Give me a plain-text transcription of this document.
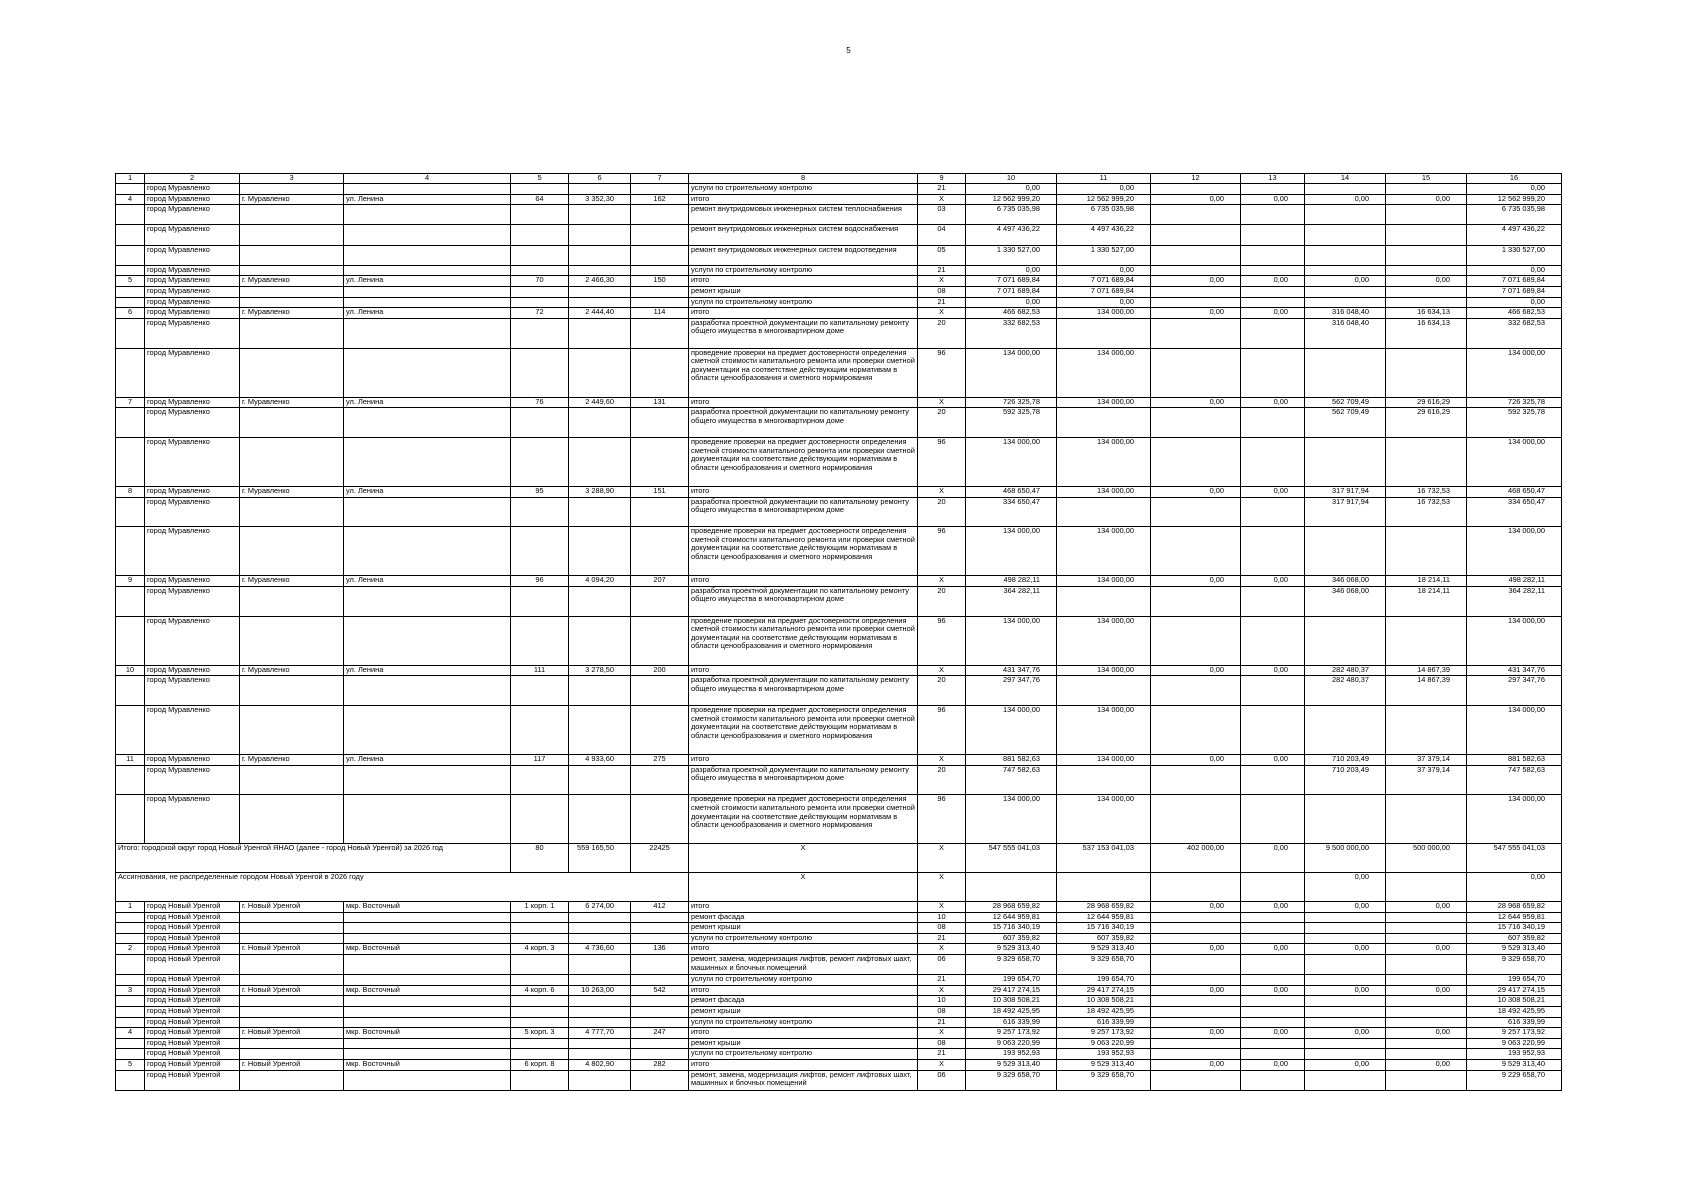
5
1	2	3	4	5	6	7	8	9	10	11	12	13	14	15	16
	город Муравленко						услуги по строительному контролю	21	0,00	0,00					0,00
4	город Муравленко	г. Муравленко	ул. Ленина	64	3 352,30	162	итого	X	12 562 999,20	12 562 999,20	0,00	0,00	0,00	0,00	12 562 999,20
	город Муравленко						ремонт внутридомовых инженерных систем теплоснабжения	03	6 735 035,98	6 735 035,98					6 735 035,98
	город Муравленко						ремонт внутридомовых инженерных систем водоснабжения	04	4 497 436,22	4 497 436,22					4 497 436,22
	город Муравленко						ремонт внутридомовых инженерных систем водоотведения	05	1 330 527,00	1 330 527,00					1 330 527,00
	город Муравленко						услуги по строительному контролю	21	0,00	0,00					0,00
5	город Муравленко	г. Муравленко	ул. Ленина	70	2 466,30	150	итого	X	7 071 689,84	7 071 689,84	0,00	0,00	0,00	0,00	7 071 689,84
	город Муравленко						ремонт крыши	08	7 071 689,84	7 071 689,84					7 071 689,84
	город Муравленко						услуги по строительному контролю	21	0,00	0,00					0,00
6	город Муравленко	г. Муравленко	ул. Ленина	72	2 444,40	114	итого	X	466 682,53	134 000,00	0,00	0,00	316 048,40	16 634,13	466 682,53
	город Муравленко						разработка проектной документации по капитальному ремонту общего имущества в многоквартирном доме	20	332 682,53				316 048,40	16 634,13	332 682,53
	город Муравленко						проведение проверки на предмет достоверности определения сметной стоимости капитального ремонта или проверки сметной документации на соответствие действующим нормативам в области ценообразования и сметного нормирования	96	134 000,00	134 000,00					134 000,00
7	город Муравленко	г. Муравленко	ул. Ленина	76	2 449,60	131	итого	X	726 325,78	134 000,00	0,00	0,00	562 709,49	29 616,29	726 325,78
	город Муравленко						разработка проектной документации по капитальному ремонту общего имущества в многоквартирном доме	20	592 325,78				562 709,49	29 616,29	592 325,78
	город Муравленко						проведение проверки на предмет достоверности определения сметной стоимости капитального ремонта или проверки сметной документации на соответствие действующим нормативам в области ценообразования и сметного нормирования	96	134 000,00	134 000,00					134 000,00
8	город Муравленко	г. Муравленко	ул. Ленина	95	3 288,90	151	итого	X	468 650,47	134 000,00	0,00	0,00	317 917,94	16 732,53	468 650,47
	город Муравленко						разработка проектной документации по капитальному ремонту общего имущества в многоквартирном доме	20	334 650,47				317 917,94	16 732,53	334 650,47
	город Муравленко						проведение проверки на предмет достоверности определения сметной стоимости капитального ремонта или проверки сметной документации на соответствие действующим нормативам в области ценообразования и сметного нормирования	96	134 000,00	134 000,00					134 000,00
9	город Муравленко	г. Муравленко	ул. Ленина	96	4 094,20	207	итого	X	498 282,11	134 000,00	0,00	0,00	346 068,00	18 214,11	498 282,11
	город Муравленко						разработка проектной документации по капитальному ремонту общего имущества в многоквартирном доме	20	364 282,11				346 068,00	18 214,11	364 282,11
	город Муравленко						проведение проверки на предмет достоверности определения сметной стоимости капитального ремонта или проверки сметной документации на соответствие действующим нормативам в области ценообразования и сметного нормирования	96	134 000,00	134 000,00					134 000,00
10	город Муравленко	г. Муравленко	ул. Ленина	111	3 278,50	200	итого	X	431 347,76	134 000,00	0,00	0,00	282 480,37	14 867,39	431 347,76
	город Муравленко						разработка проектной документации по капитальному ремонту общего имущества в многоквартирном доме	20	297 347,76				282 480,37	14 867,39	297 347,76
	город Муравленко						проведение проверки на предмет достоверности определения сметной стоимости капитального ремонта или проверки сметной документации на соответствие действующим нормативам в области ценообразования и сметного нормирования	96	134 000,00	134 000,00					134 000,00
11	город Муравленко	г. Муравленко	ул. Ленина	117	4 933,60	275	итого	X	881 582,63	134 000,00	0,00	0,00	710 203,49	37 379,14	881 582,63
	город Муравленко						разработка проектной документации по капитальному ремонту общего имущества в многоквартирном доме	20	747 582,63				710 203,49	37 379,14	747 582,63
	город Муравленко						проведение проверки на предмет достоверности определения сметной стоимости капитального ремонта или проверки сметной документации на соответствие действующим нормативам в области ценообразования и сметного нормирования	96	134 000,00	134 000,00					134 000,00
Итого: городской округ город Новый Уренгой ЯНАО (далее - город Новый Уренгой) за 2026 год				80	559 165,50	22425	X	X	547 555 041,03	537 153 041,03	402 000,00	0,00	9 500 000,00	500 000,00	547 555 041,03
Ассигнования, не распределенные городом Новый Уренгой в 2026 году							X	X					0,00		0,00
1	город Новый Уренгой	г. Новый Уренгой	мкр. Восточный	1 корп. 1	6 274,00	412	итого	X	28 968 659,82	28 968 659,82	0,00	0,00	0,00	0,00	28 968 659,82
	город Новый Уренгой						ремонт фасада	10	12 644 959,81	12 644 959,81					12 644 959,81
	город Новый Уренгой						ремонт крыши	08	15 716 340,19	15 716 340,19					15 716 340,19
	город Новый Уренгой						услуги по строительному контролю	21	607 359,82	607 359,82					607 359,82
2	город Новый Уренгой	г. Новый Уренгой	мкр. Восточный	4 корп. 3	4 736,60	136	итого	X	9 529 313,40	9 529 313,40	0,00	0,00	0,00	0,00	9 529 313,40
	город Новый Уренгой						ремонт, замена, модернизация лифтов, ремонт лифтовых шахт, машинных и блочных помещений	06	9 329 658,70	9 329 658,70					9 329 658,70
	город Новый Уренгой						услуги по строительному контролю	21	199 654,70	199 654,70					199 654,70
3	город Новый Уренгой	г. Новый Уренгой	мкр. Восточный	4 корп. 6	10 263,00	542	итого	X	29 417 274,15	29 417 274,15	0,00	0,00	0,00	0,00	29 417 274,15
	город Новый Уренгой						ремонт фасада	10	10 308 508,21	10 308 508,21					10 308 508,21
	город Новый Уренгой						ремонт крыши	08	18 492 425,95	18 492 425,95					18 492 425,95
	город Новый Уренгой						услуги по строительному контролю	21	616 339,99	616 339,99					616 339,99
4	город Новый Уренгой	г. Новый Уренгой	мкр. Восточный	5 корп. 3	4 777,70	247	итого	X	9 257 173,92	9 257 173,92	0,00	0,00	0,00	0,00	9 257 173,92
	город Новый Уренгой						ремонт крыши	08	9 063 220,99	9 063 220,99					9 063 220,99
	город Новый Уренгой						услуги по строительному контролю	21	193 952,93	193 952,93					193 952,93
5	город Новый Уренгой	г. Новый Уренгой	мкр. Восточный	6 корп. 8	4 802,90	282	итого	X	9 529 313,40	9 529 313,40	0,00	0,00	0,00	0,00	9 529 313,40
	город Новый Уренгой						ремонт, замена, модернизация лифтов, ремонт лифтовых шахт, машинных и блочных помещений	06	9 329 658,70	9 329 658,70					9 229 658,70
